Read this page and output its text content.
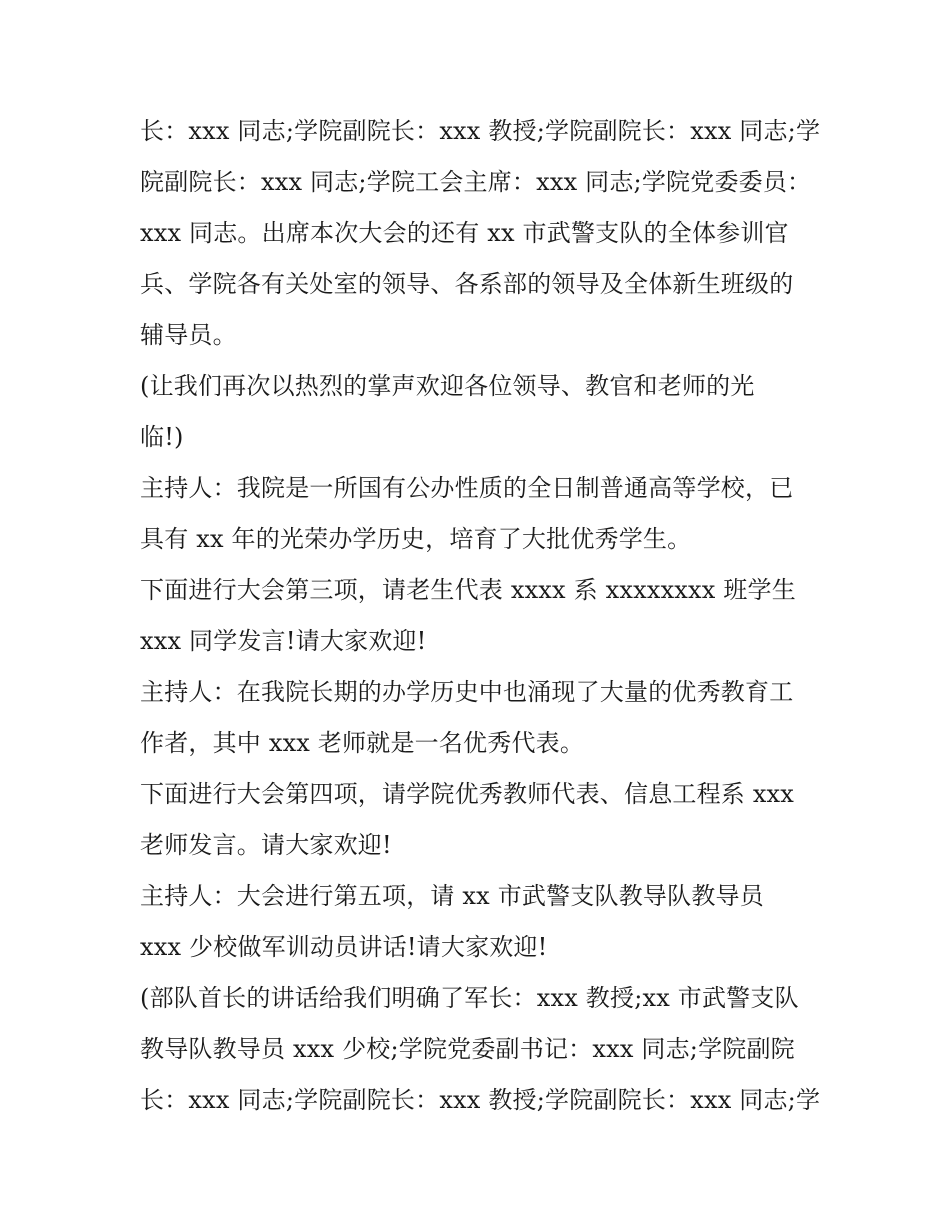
长：xxx 同志;学院副院长：xxx 教授;学院副院长：xxx 同志;学
院副院长：xxx 同志;学院工会主席：xxx 同志;学院党委委员：
xxx 同志。出席本次大会的还有 xx 市武警支队的全体参训官
兵、学院各有关处室的领导、各系部的领导及全体新生班级的
辅导员。
(让我们再次以热烈的掌声欢迎各位领导、教官和老师的光
临!)
主持人：我院是一所国有公办性质的全日制普通高等学校，已
具有 xx 年的光荣办学历史，培育了大批优秀学生。
下面进行大会第三项，请老生代表 xxxx 系 xxxxxxxx 班学生
xxx 同学发言!请大家欢迎!
主持人：在我院长期的办学历史中也涌现了大量的优秀教育工
作者，其中 xxx 老师就是一名优秀代表。
下面进行大会第四项，请学院优秀教师代表、信息工程系 xxx
老师发言。请大家欢迎!
主持人：大会进行第五项，请 xx 市武警支队教导队教导员
xxx 少校做军训动员讲话!请大家欢迎!
(部队首长的讲话给我们明确了军长：xxx 教授;xx 市武警支队
教导队教导员 xxx 少校;学院党委副书记：xxx 同志;学院副院
长：xxx 同志;学院副院长：xxx 教授;学院副院长：xxx 同志;学
